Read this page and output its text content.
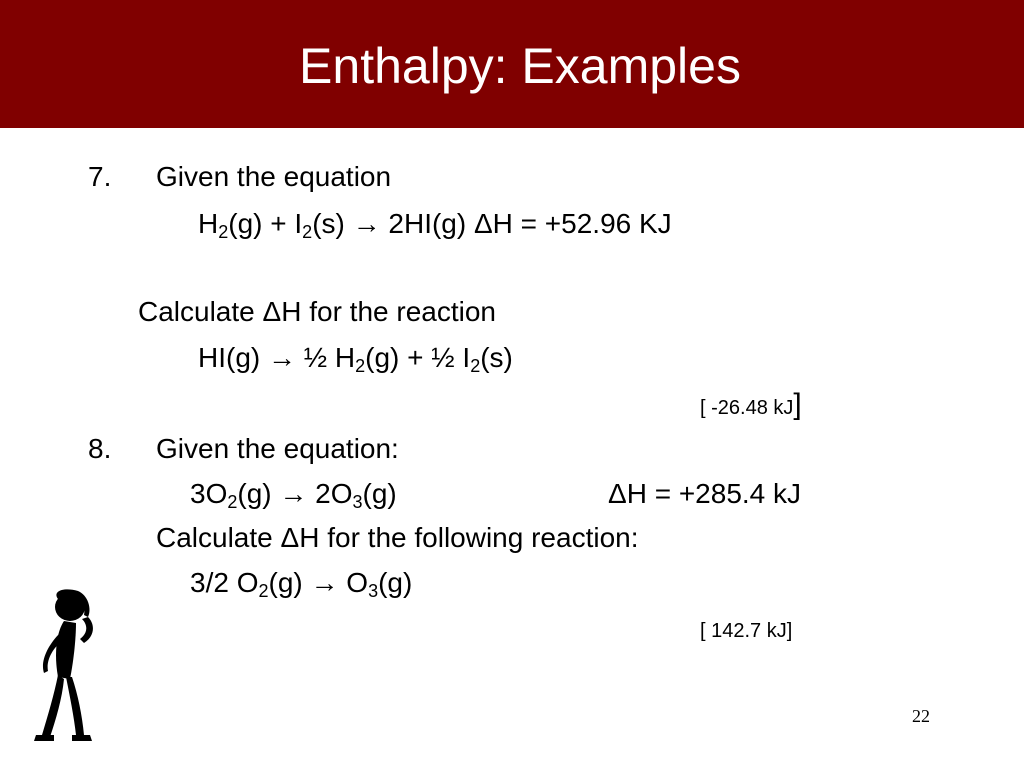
Enthalpy: Examples
7. Given the equation
$H_2(g) + I_2(s) \to 2HI(g) \Delta H = +52.96$ KJ
Calculate ΔH for the reaction
HI(g) → ½ $H_2(g)$ + ½ $I_2(s)$
[ -26.48 kJ]
8. Given the equation:
$3O_2(g) \to 2O_3(g)$	ΔH = +285.4 kJ
Calculate ΔH for the following reaction:
3/2 $O_2(g) \to O_3(g)$
[ 142.7 kJ]
22
